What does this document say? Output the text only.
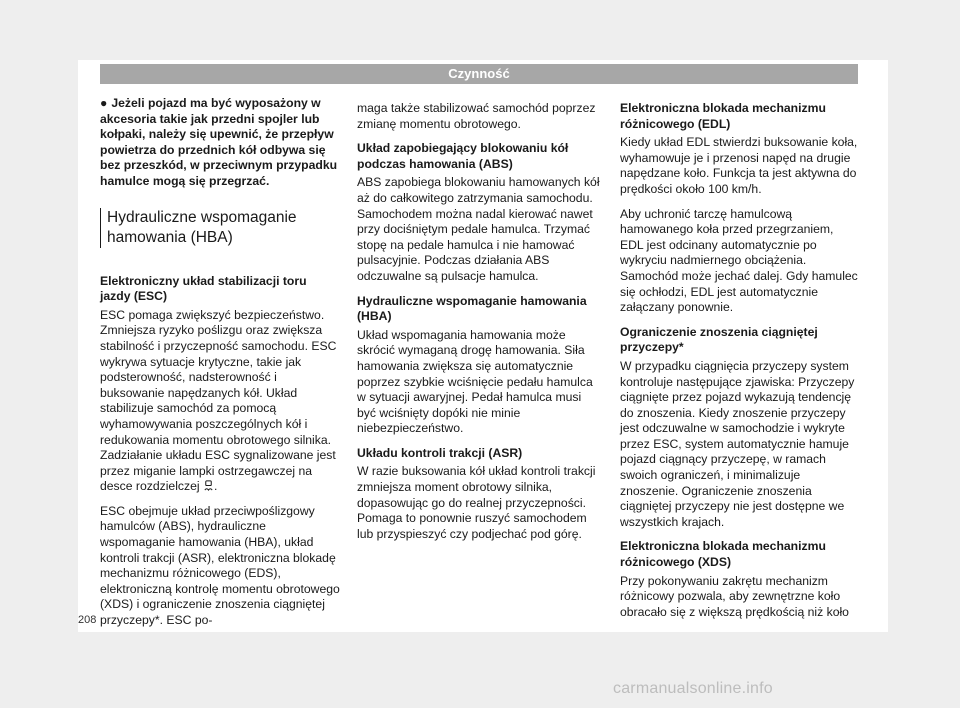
Czynność

● Jeżeli pojazd ma być wyposażony w akcesoria takie jak przedni spojler lub kołpaki, należy się upewnić, że przepływ powietrza do przednich kół odbywa się bez przeszkód, w przeciwnym przypadku hamulce mogą się przegrzać.

Hydrauliczne wspomaganie hamowania (HBA)
Elektroniczny układ stabilizacji toru jazdy (ESC)

ESC pomaga zwiększyć bezpieczeństwo. Zmniejsza ryzyko poślizgu oraz zwiększa stabilność i przyczepność samochodu. ESC wykrywa sytuacje krytyczne, takie jak podsterowność, nadsterowność i buksowanie napędzanych kół. Układ stabilizuje samochód za pomocą wyhamowywania poszczególnych kół i redukowania momentu obrotowego silnika. Zadziałanie układu ESC sygnalizowane jest przez miganie lampki ostrzegawczej na desce rozdzielczej .

ESC obejmuje układ przeciwpoślizgowy hamulców (ABS), hydrauliczne wspomaganie hamowania (HBA), układ kontroli trakcji (ASR), elektroniczna blokadę mechanizmu różnicowego (EDS), elektroniczną kontrolę momentu obrotowego (XDS) i ograniczenie znoszenia ciągniętej przyczepy*. ESC po-

maga także stabilizować samochód poprzez zmianę momentu obrotowego.

Układ zapobiegający blokowaniu kół podczas hamowania (ABS)

ABS zapobiega blokowaniu hamowanych kół aż do całkowitego zatrzymania samochodu. Samochodem można nadal kierować nawet przy dociśniętym pedale hamulca. Trzymać stopę na pedale hamulca i nie hamować pulsacyjnie. Podczas działania ABS odczuwalne są pulsacje hamulca.

Hydrauliczne wspomaganie hamowania (HBA)

Układ wspomagania hamowania może skrócić wymaganą drogę hamowania. Siła hamowania zwiększa się automatycznie poprzez szybkie wciśnięcie pedału hamulca w sytuacji awaryjnej. Pedał hamulca musi być wciśnięty dopóki nie minie niebezpieczeństwo.

Układu kontroli trakcji (ASR)

W razie buksowania kół układ kontroli trakcji zmniejsza moment obrotowy silnika, dopasowując go do realnej przyczepności. Pomaga to ponownie ruszyć samochodem lub przyspieszyć czy podjechać pod górę.

Elektroniczna blokada mechanizmu różnicowego (EDL)

Kiedy układ EDL stwierdzi buksowanie koła, wyhamowuje je i przenosi napęd na drugie napędzane koło. Funkcja ta jest aktywna do prędkości około 100 km/h.

Aby uchronić tarczę hamulcową hamowanego koła przed przegrzaniem, EDL jest odcinany automatycznie po wykryciu nadmiernego obciążenia. Samochód może jechać dalej. Gdy hamulec się ochłodzi, EDL jest automatycznie załączany ponownie.

Ograniczenie znoszenia ciągniętej przyczepy*

W przypadku ciągnięcia przyczepy system kontroluje następujące zjawiska: Przyczepy ciągnięte przez pojazd wykazują tendencję do znoszenia. Kiedy znoszenie przyczepy jest odczuwalne w samochodzie i wykryte przez ESC, system automatycznie hamuje pojazd ciągnący przyczepę, w ramach swoich ograniczeń, i minimalizuje znoszenie. Ograniczenie znoszenia ciągniętej przyczepy nie jest dostępne we wszystkich krajach.

Elektroniczna blokada mechanizmu różnicowego (XDS)

Przy pokonywaniu zakrętu mechanizm różnicowy pozwala, aby zewnętrzne koło obracało się z większą prędkością niż koło

208
carmanualsonline.info
